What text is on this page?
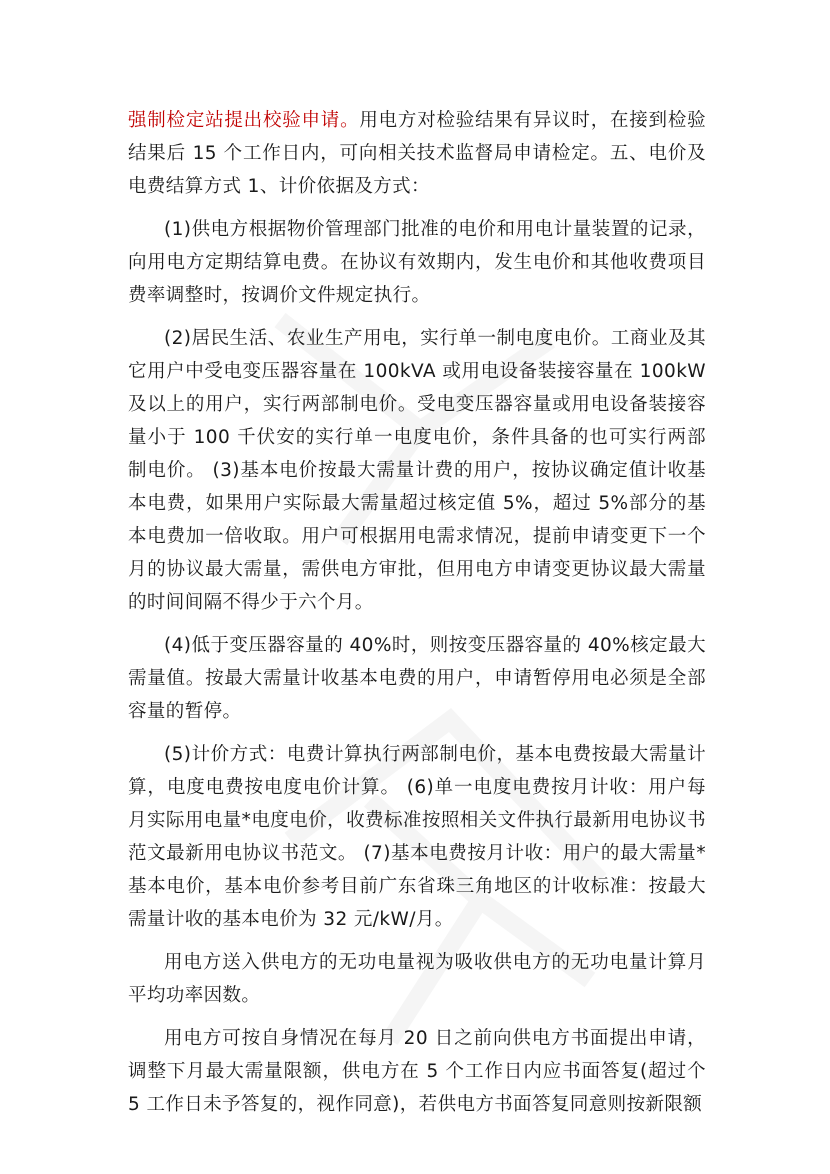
强制检定站提出校验申请。用电方对检验结果有异议时，在接到检验结果后 15 个工作日内，可向相关技术监督局申请检定。五、电价及电费结算方式 1、计价依据及方式：

(1)供电方根据物价管理部门批准的电价和用电计量装置的记录，向用电方定期结算电费。在协议有效期内，发生电价和其他收费项目费率调整时，按调价文件规定执行。

(2)居民生活、农业生产用电，实行单一制电度电价。工商业及其它用户中受电变压器容量在 100kVA 或用电设备装接容量在 100kW 及以上的用户，实行两部制电价。受电变压器容量或用电设备装接容量小于 100 千伏安的实行单一电度电价，条件具备的也可实行两部制电价。 (3)基本电价按最大需量计费的用户，按协议确定值计收基本电费，如果用户实际最大需量超过核定值 5%，超过 5%部分的基本电费加一倍收取。用户可根据用电需求情况，提前申请变更下一个月的协议最大需量，需供电方审批，但用电方申请变更协议最大需量的时间间隔不得少于六个月。

(4)低于变压器容量的 40%时，则按变压器容量的 40%核定最大需量值。按最大需量计收基本电费的用户，申请暂停用电必须是全部容量的暂停。

(5)计价方式：电费计算执行两部制电价，基本电费按最大需量计算，电度电费按电度电价计算。 (6)单一电度电费按月计收：用户每月实际用电量*电度电价，收费标准按照相关文件执行最新用电协议书范文最新用电协议书范文。 (7)基本电费按月计收：用户的最大需量*基本电价，基本电价参考目前广东省珠三角地区的计收标准：按最大需量计收的基本电价为 32 元/kW/月。

用电方送入供电方的无功电量视为吸收供电方的无功电量计算月平均功率因数。

用电方可按自身情况在每月 20 日之前向供电方书面提出申请，调整下月最大需量限额，供电方在 5 个工作日内应书面答复(超过个 5 工作日未予答复的，视作同意)，若供电方书面答复同意则按新限额
